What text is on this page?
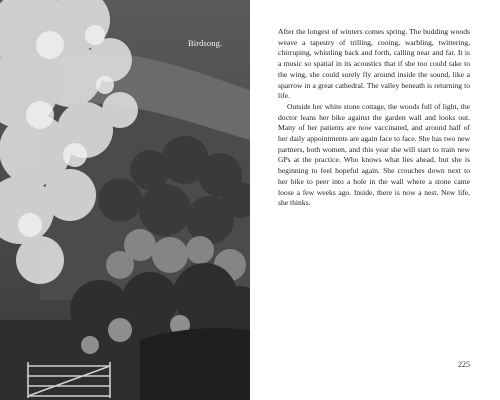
Birdsong.

After the longest of winters comes spring. The budding woods weave a tapestry of trilling, cooing, warbling, twittering, chirruping, whistling back and forth, calling near and far. It is a music so spatial in its acoustics that if she too could take to the wing, she could surely fly around inside the sound, like a sparrow in a great cathedral. The valley beneath is returning to life.

Outside her white stone cottage, the woods full of light, the doctor leans her bike against the garden wall and looks out. Many of her patients are now vaccinated, and around half of her daily appointments are again face to face. She has two new partners, both women, and this year she will start to train new GPs at the practice. Who knows what lies ahead, but she is beginning to feel hopeful again. She crouches down next to her bike to peer into a hole in the wall where a stone came loose a few weeks ago. Inside, there is now a nest. New life, she thinks.

225
